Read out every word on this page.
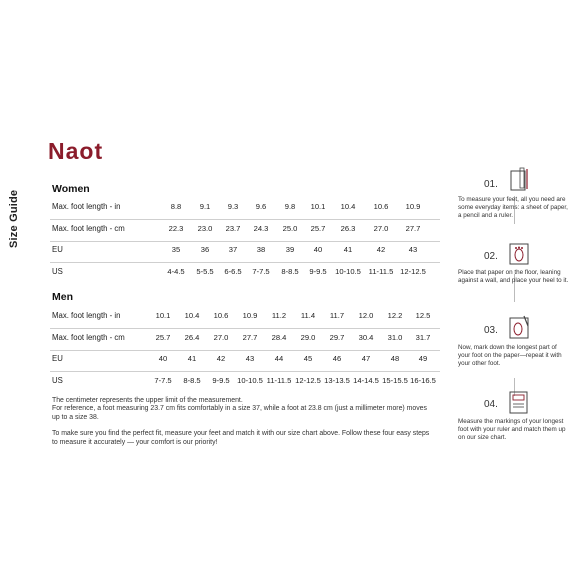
Size Guide
Naot
Women
Max. foot length - in	8.8 9.1 9.3 9.6 9.8 10.1 10.4 10.6 10.9
Max. foot length - cm	22.3 23.0 23.7 24.3 25.0 25.7 26.3 27.0 27.7
EU	35	36	37	38	39	40	41	42	43
US	4-4.5 5-5.5 6-6.5 7-7.5 8-8.5 9-9.5 10-10.5 11-11.5 12-12.5
Men
Max. foot length - in	10.1 10.4 10.6 10.9 11.2 11.4 11.7 12.0 12.2 12.5
Max. foot length - cm	25.7 26.4 27.0 27.7 28.4 29.0 29.7 30.4 31.0 31.7
EU	40	41	42	43	44	45	46	47	48	49
US	7-7.5 8-8.5 9-9.5 10-10.5 11-11.5 12-12.5 13-13.5 14-14.5 15-15.5 16-16.5

The centimeter represents the upper limit of the measurement.

For reference, a foot measuring 23.7 cm fits comfortably in a size 37, while a foot at 23.8 cm (just a millimeter more) moves up to a size 38.

To make sure you find the perfect fit, measure your feet and match it with our size chart above. Follow these four easy steps to measure it accurately — your comfort is our priority!

01.
To measure your feet, all you need are some everyday items: a sheet of paper, a pencil and a ruler.
02.
Place that paper on the floor, leaning against a wall, and place your heel to it.
03.
Now, mark down the longest part of your foot on the paper—repeat it with your other foot.
04.
Measure the markings of your longest foot with your ruler and match them up on our size chart.
